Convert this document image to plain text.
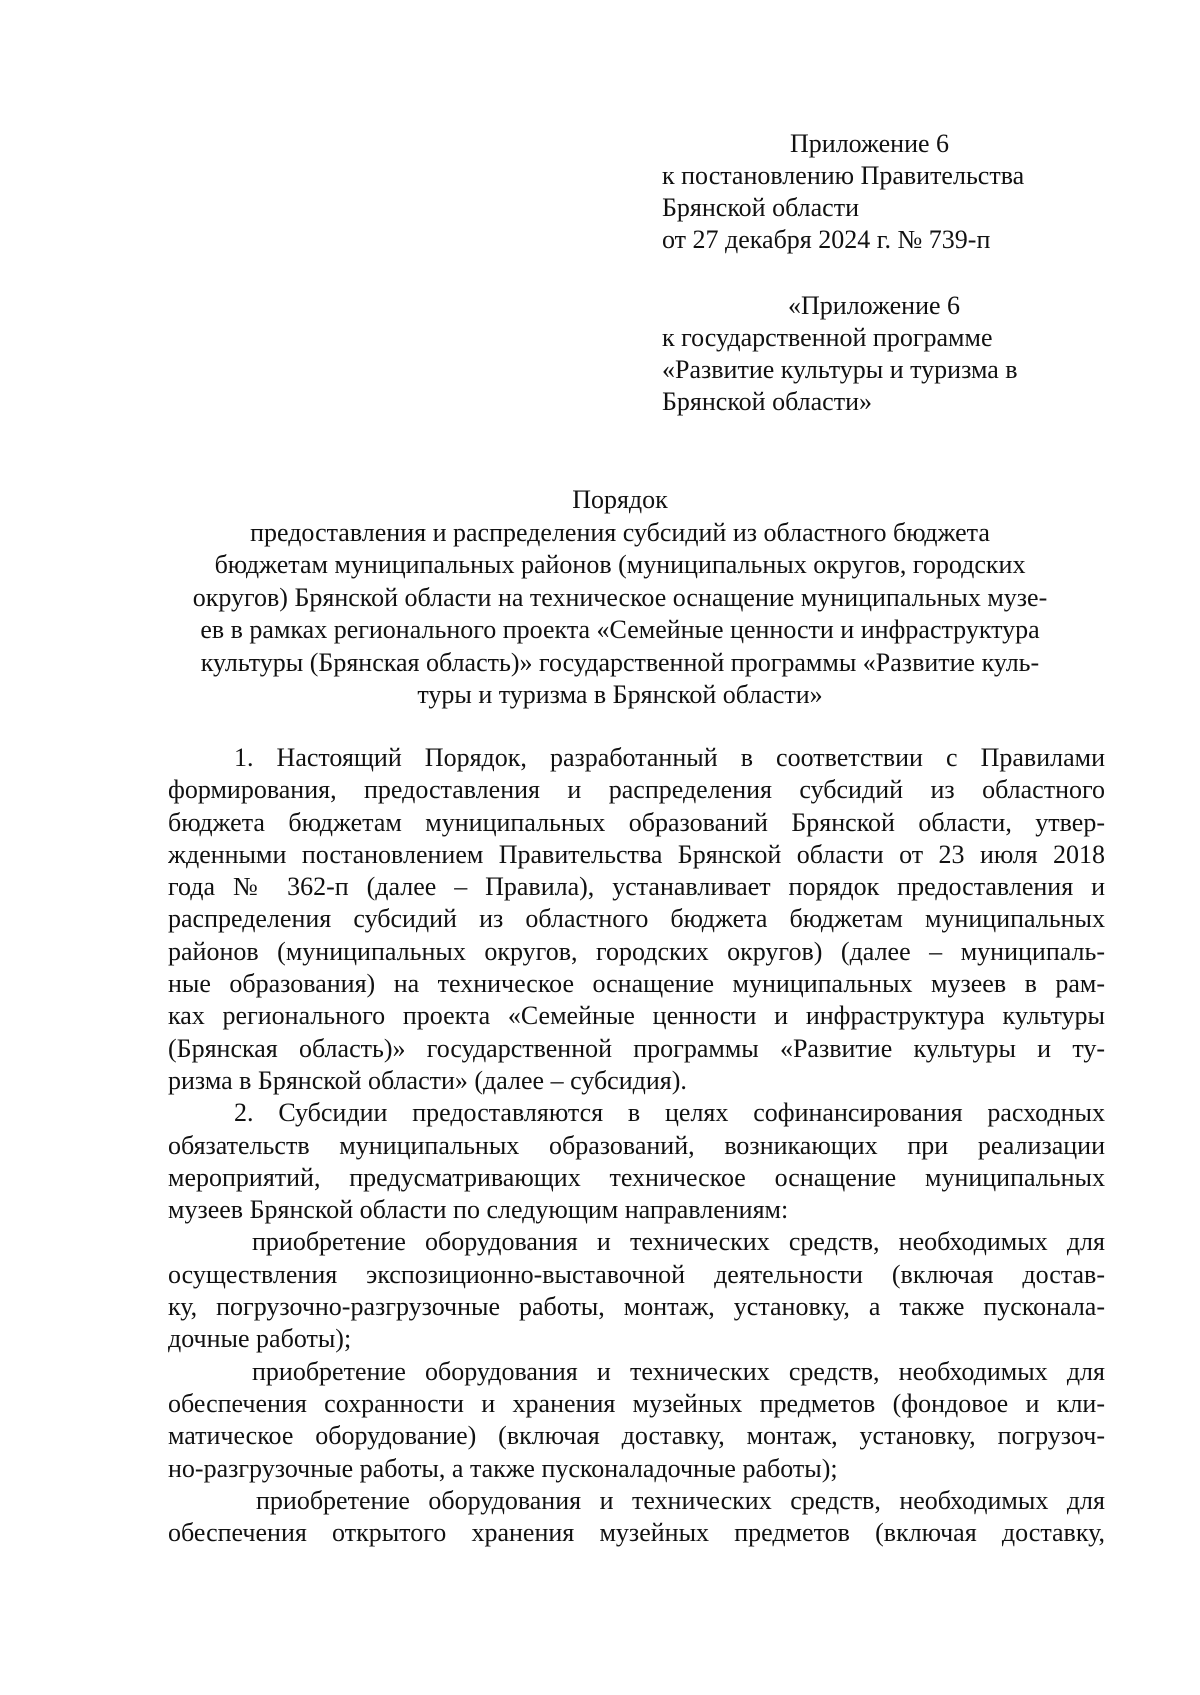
Приложение 6
к постановлению Правительства
Брянской области
от 27 декабря 2024 г. № 739-п
«Приложение 6
к государственной программе
«Развитие культуры и туризма в
Брянской области»
Порядок
предоставления и распределения субсидий из областного бюджета
бюджетам муниципальных районов (муниципальных округов, городских
округов) Брянской области на техническое оснащение муниципальных музе-
ев в рамках регионального проекта «Семейные ценности и инфраструктура
культуры (Брянская область)» государственной программы «Развитие куль-
туры и туризма в Брянской области»
1. Настоящий Порядок, разработанный в соответствии с Правилами
формирования, предоставления и распределения субсидий из областного
бюджета бюджетам муниципальных образований Брянской области, утвер-
жденными постановлением Правительства Брянской области от 23 июля 2018
года № 362-п (далее – Правила), устанавливает порядок предоставления и
распределения субсидий из областного бюджета бюджетам муниципальных
районов (муниципальных округов, городских округов) (далее – муниципаль-
ные образования) на техническое оснащение муниципальных музеев в рам-
ках регионального проекта «Семейные ценности и инфраструктура культуры
(Брянская область)» государственной программы «Развитие культуры и ту-
ризма в Брянской области» (далее – субсидия).
2. Субсидии предоставляются в целях софинансирования расходных
обязательств муниципальных образований, возникающих при реализации
мероприятий, предусматривающих техническое оснащение муниципальных
музеев Брянской области по следующим направлениям:
приобретение оборудования и технических средств, необходимых для
осуществления экспозиционно-выставочной деятельности (включая достав-
ку, погрузочно-разгрузочные работы, монтаж, установку, а также пусконала-
дочные работы);
приобретение оборудования и технических средств, необходимых для
обеспечения сохранности и хранения музейных предметов (фондовое и кли-
матическое оборудование) (включая доставку, монтаж, установку, погрузоч-
но-разгрузочные работы, а также пусконаладочные работы);
приобретение оборудования и технических средств, необходимых для
обеспечения открытого хранения музейных предметов (включая доставку,
